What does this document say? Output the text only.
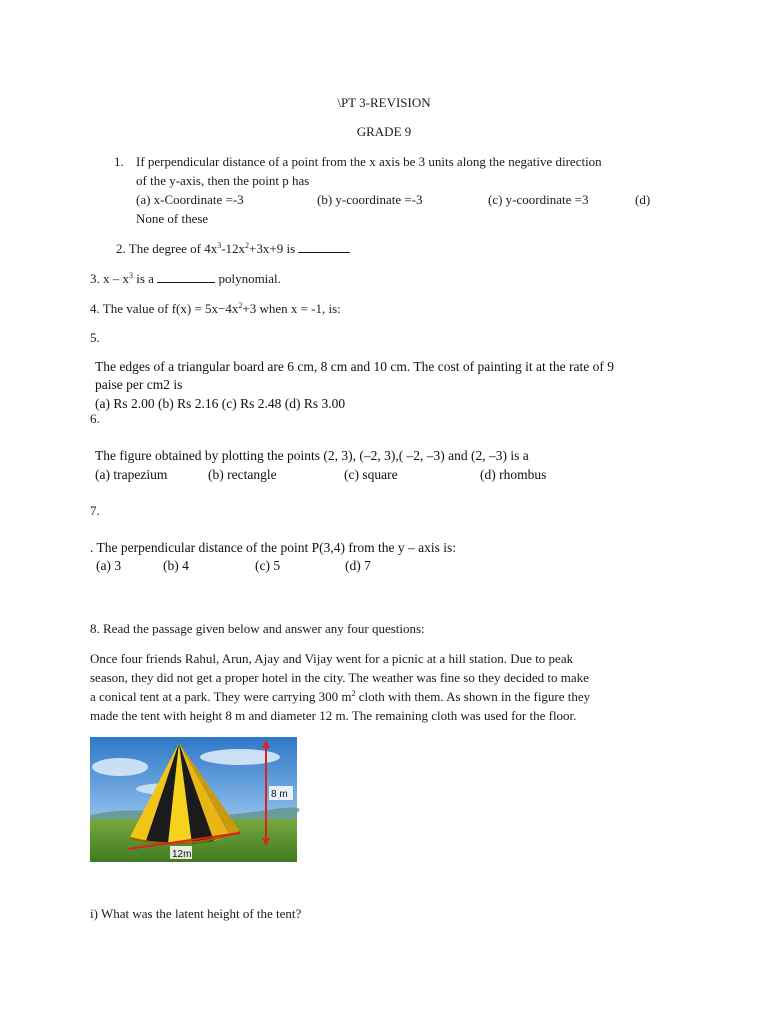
\PT 3-REVISION
GRADE 9
1. If perpendicular distance of a point from the x axis be 3 units along the negative direction
of the y-axis, then the point p has
(a) x-Coordinate =-3	(b) y-coordinate =-3	(c) y-coordinate =3	(d)
None of these
2. The degree of $4x^3-12x^2+3x+9$ is
3. x – $x^3$ is a	polynomial.
4. The value of $f(x) = 5x-4x^2+3$ when x = -1, is:
5.
The edges of a triangular board are 6 cm, 8 cm and 10 cm. The cost of painting it at the rate of 9
paise per cm2 is
(a) Rs 2.00 (b) Rs 2.16 (c) Rs 2.48 (d) Rs 3.00
6.
The figure obtained by plotting the points (2, 3), (–2, 3),( –2, –3) and (2, –3) is a
(a) trapezium	(b) rectangle	(c) square	(d) rhombus
7.
. The perpendicular distance of the point P(3,4) from the y – axis is:
(a) 3	(b) 4	(c) 5	(d) 7
8. Read the passage given below and answer any four questions:
Once four friends Rahul, Arun, Ajay and Vijay went for a picnic at a hill station. Due to peak
season, they did not get a proper hotel in the city. The weather was fine so they decided to make
a conical tent at a park. They were carrying 300 $m^2$ cloth with them. As shown in the figure they
made the tent with height 8 m and diameter 12 m. The remaining cloth was used for the floor.
8 m
12m
i) What was the latent height of the tent?
